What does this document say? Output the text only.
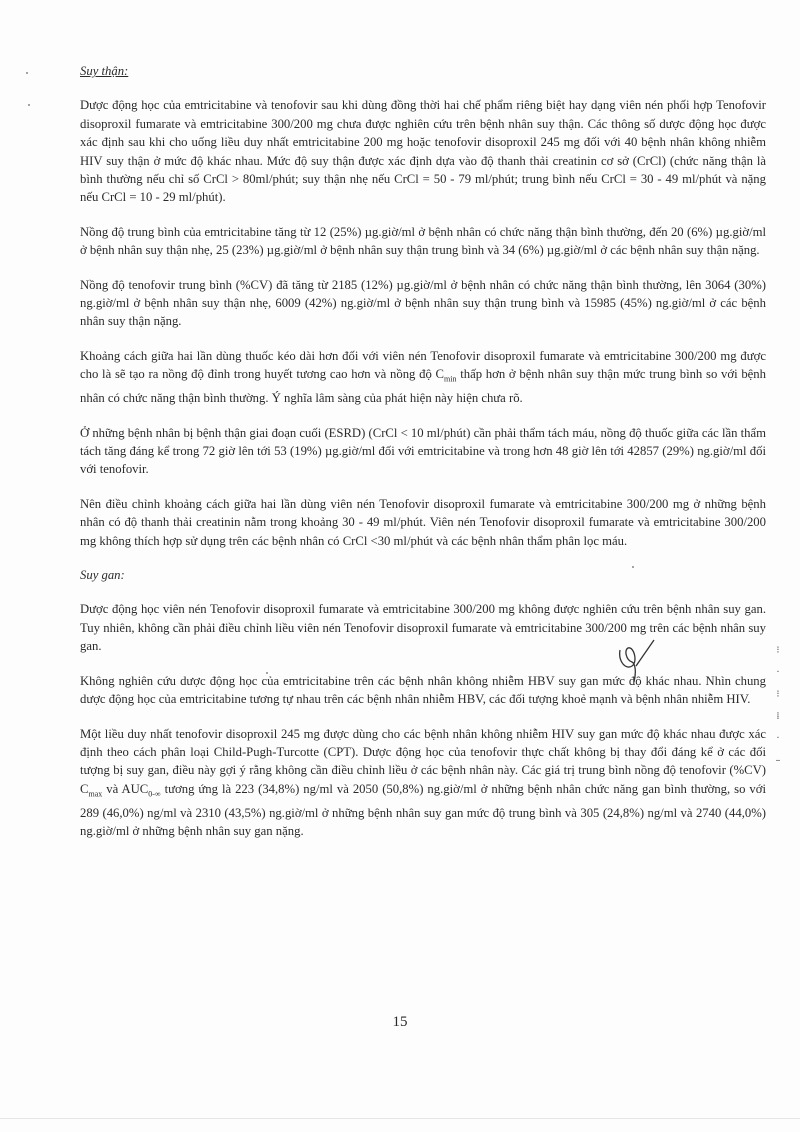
Suy thận:

Dược động học của emtricitabine và tenofovir sau khi dùng đồng thời hai chế phẩm riêng biệt hay dạng viên nén phối hợp Tenofovir disoproxil fumarate và emtricitabine 300/200 mg chưa được nghiên cứu trên bệnh nhân suy thận. Các thông số dược động học được xác định sau khi cho uống liều duy nhất emtricitabine 200 mg hoặc tenofovir disoproxil 245 mg đối với 40 bệnh nhân không nhiễm HIV suy thận ở mức độ khác nhau. Mức độ suy thận được xác định dựa vào độ thanh thải creatinin cơ sở (CrCl) (chức năng thận là bình thường nếu chỉ số CrCl > 80ml/phút; suy thận nhẹ nếu CrCl = 50 - 79 ml/phút; trung bình nếu CrCl = 30 - 49 ml/phút và nặng nếu CrCl = 10 - 29 ml/phút).

Nồng độ trung bình của emtricitabine tăng từ 12 (25%) µg.giờ/ml ở bệnh nhân có chức năng thận bình thường, đến 20 (6%) µg.giờ/ml ở bệnh nhân suy thận nhẹ, 25 (23%) µg.giờ/ml ở bệnh nhân suy thận trung bình và 34 (6%) µg.giờ/ml ở các bệnh nhân suy thận nặng.

Nồng độ tenofovir trung bình (%CV) đã tăng từ 2185 (12%) µg.giờ/ml ở bệnh nhân có chức năng thận bình thường, lên 3064 (30%) ng.giờ/ml ở bệnh nhân suy thận nhẹ, 6009 (42%) ng.giờ/ml ở bệnh nhân suy thận trung bình và 15985 (45%) ng.giờ/ml ở các bệnh nhân suy thận nặng.

Khoảng cách giữa hai lần dùng thuốc kéo dài hơn đối với viên nén Tenofovir disoproxil fumarate và emtricitabine 300/200 mg được cho là sẽ tạo ra nồng độ đỉnh trong huyết tương cao hơn và nồng độ $C_{min}$ thấp hơn ở bệnh nhân suy thận mức trung bình so với bệnh nhân có chức năng thận bình thường. Ý nghĩa lâm sàng của phát hiện này hiện chưa rõ.

Ở những bệnh nhân bị bệnh thận giai đoạn cuối (ESRD) (CrCl < 10 ml/phút) cần phải thẩm tách máu, nồng độ thuốc giữa các lần thẩm tách tăng đáng kể trong 72 giờ lên tới 53 (19%) µg.giờ/ml đối với emtricitabine và trong hơn 48 giờ lên tới 42857 (29%) ng.giờ/ml đối với tenofovir.

Nên điều chỉnh khoảng cách giữa hai lần dùng viên nén Tenofovir disoproxil fumarate và emtricitabine 300/200 mg ở những bệnh nhân có độ thanh thải creatinin nằm trong khoảng 30 - 49 ml/phút. Viên nén Tenofovir disoproxil fumarate và emtricitabine 300/200 mg không thích hợp sử dụng trên các bệnh nhân có CrCl <30 ml/phút và các bệnh nhân thẩm phân lọc máu.

Suy gan:

Dược động học viên nén Tenofovir disoproxil fumarate và emtricitabine 300/200 mg không được nghiên cứu trên bệnh nhân suy gan. Tuy nhiên, không cần phải điều chỉnh liều viên nén Tenofovir disoproxil fumarate và emtricitabine 300/200 mg trên các bệnh nhân suy gan.

Không nghiên cứu dược động học của emtricitabine trên các bệnh nhân không nhiễm HBV suy gan mức độ khác nhau. Nhìn chung dược động học của emtricitabine tương tự nhau trên các bệnh nhân nhiễm HBV, các đối tượng khoẻ mạnh và bệnh nhân nhiễm HIV.

Một liều duy nhất tenofovir disoproxil 245 mg được dùng cho các bệnh nhân không nhiễm HIV suy gan mức độ khác nhau được xác định theo cách phân loại Child-Pugh-Turcotte (CPT). Dược động học của tenofovir thực chất không bị thay đổi đáng kể ở các đối tượng bị suy gan, điều này gợi ý rằng không cần điều chỉnh liều ở các bệnh nhân này. Các giá trị trung bình nồng độ tenofovir (%CV) $C_{max}$ và $AUC_{0-\infty}$ tương ứng là 223 (34,8%) ng/ml và 2050 (50,8%) ng.giờ/ml ở những bệnh nhân chức năng gan bình thường, so với 289 (46,0%) ng/ml và 2310 (43,5%) ng.giờ/ml ở những bệnh nhân suy gan mức độ trung bình và 305 (24,8%) ng/ml và 2740 (44,0%) ng.giờ/ml ở những bệnh nhân suy gan nặng.

⁝
·
⁝
⁞
·
–
15
